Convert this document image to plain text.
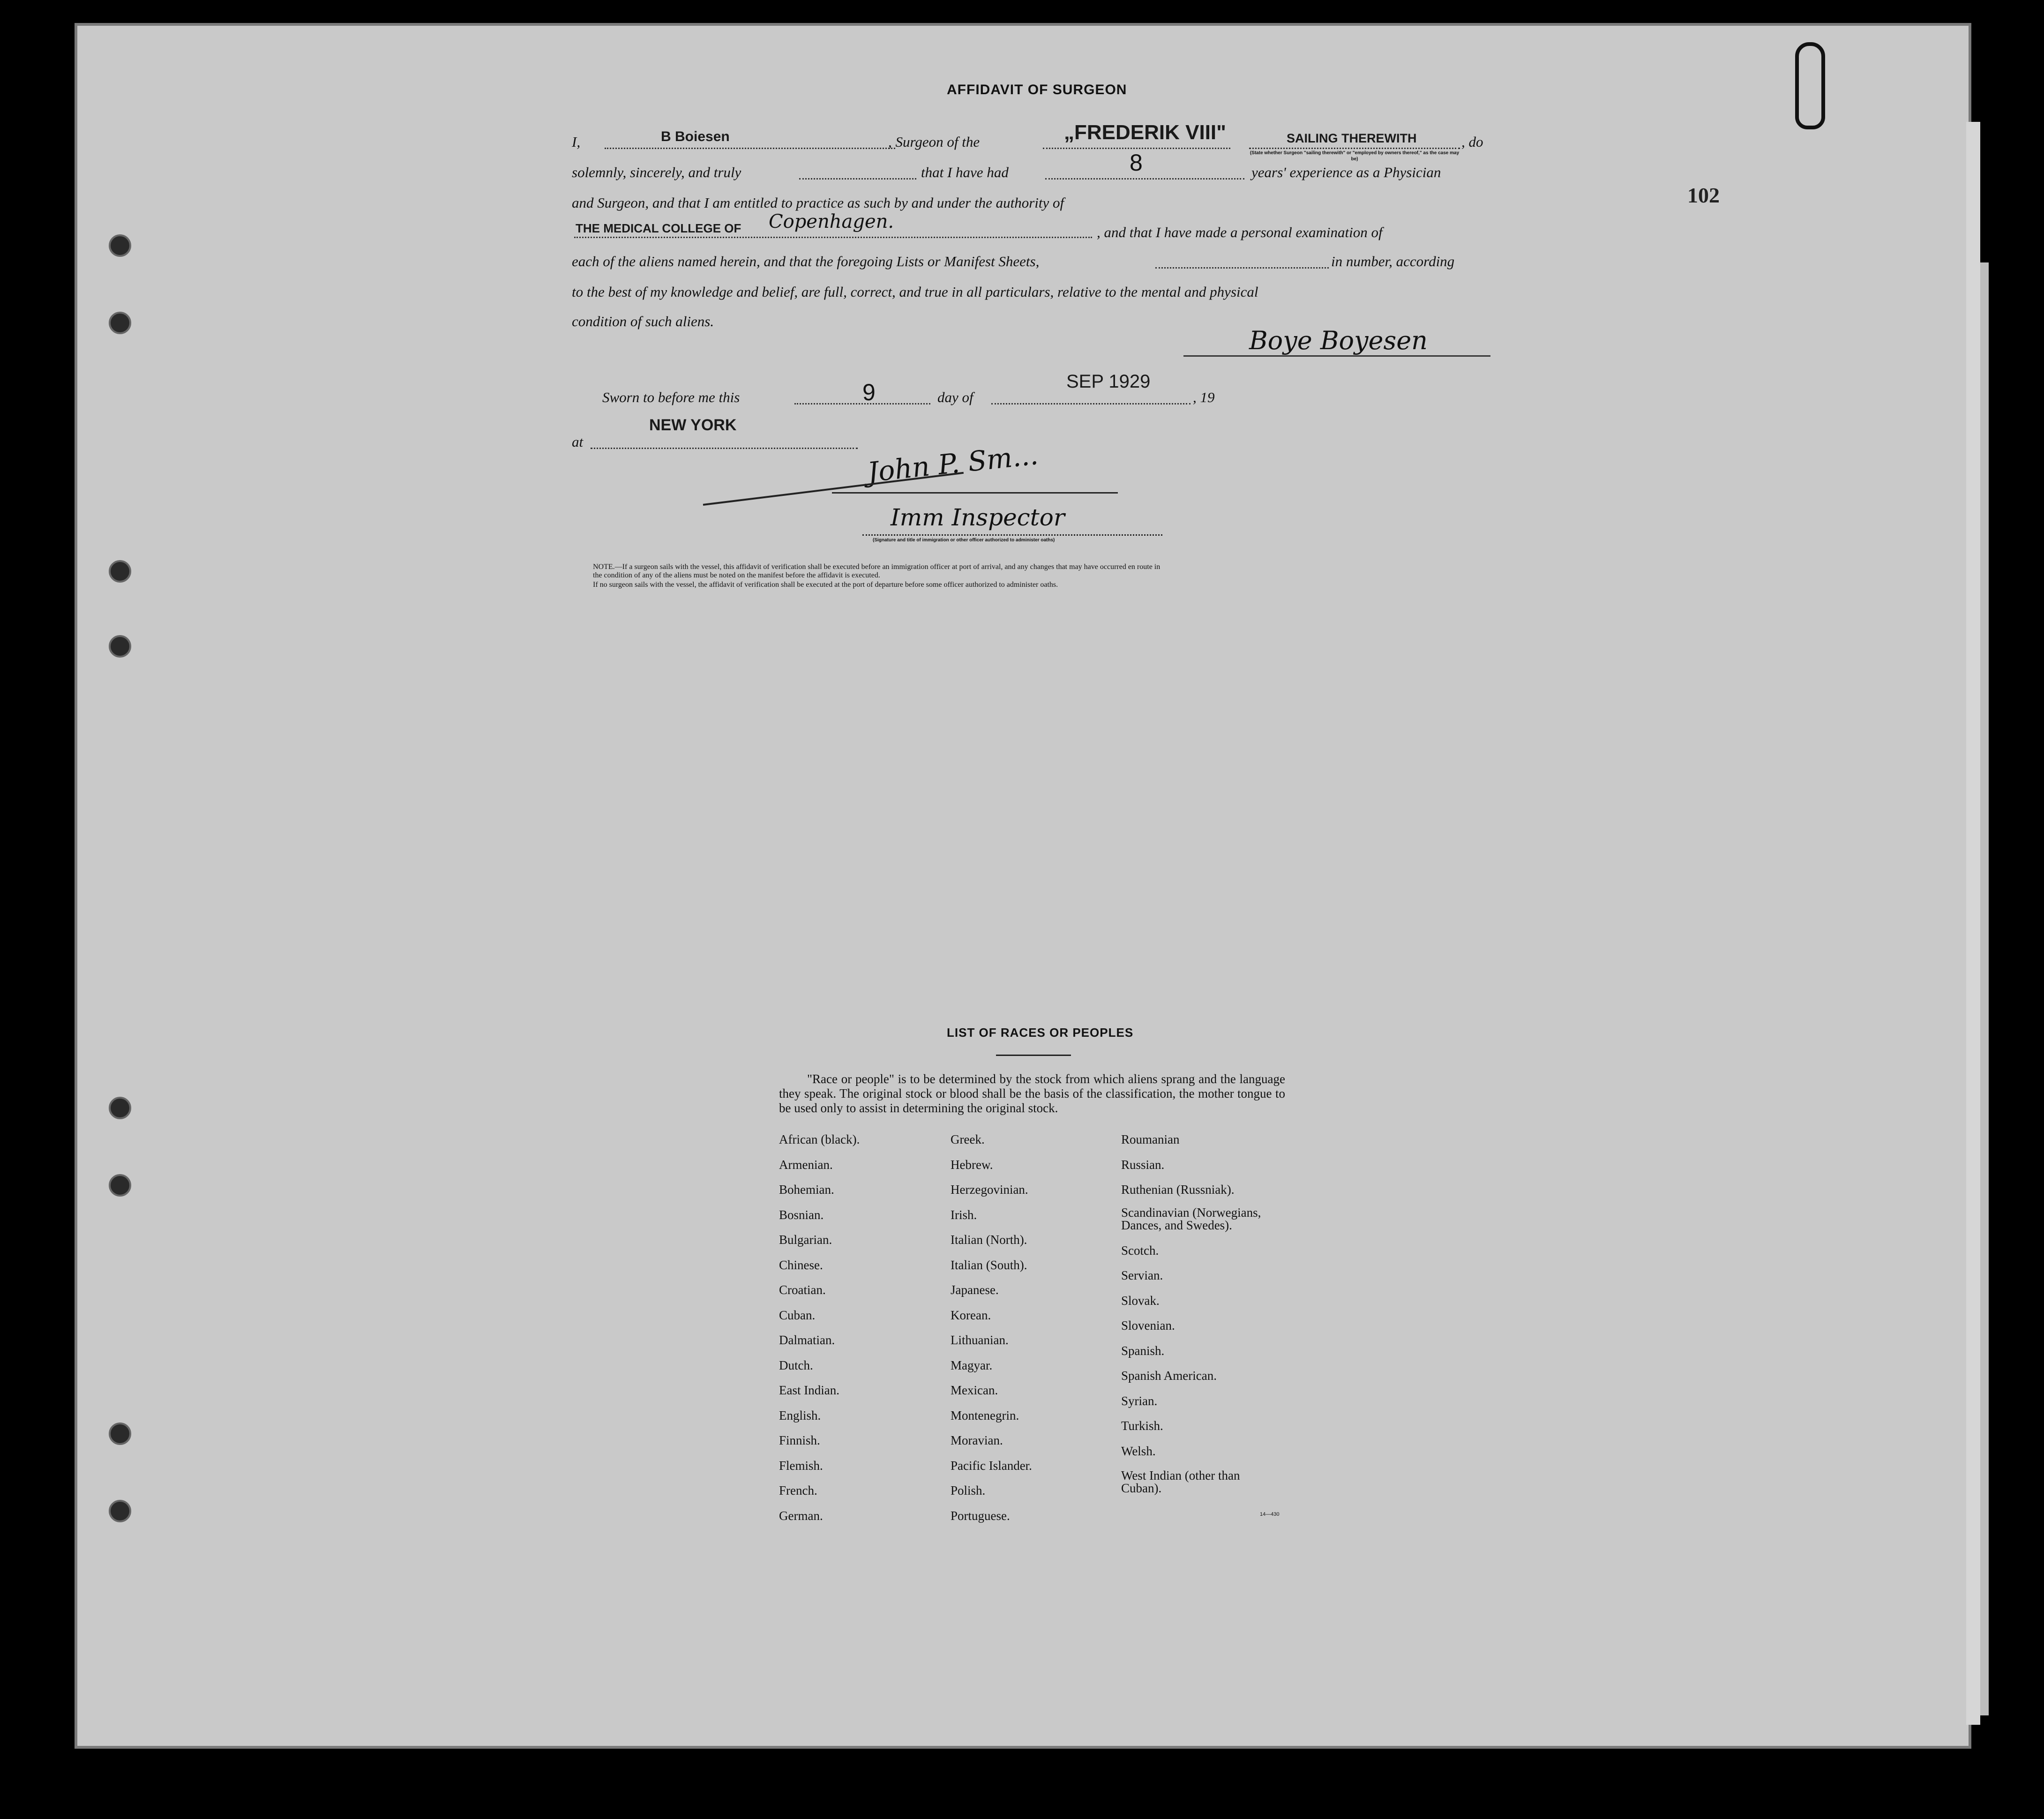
102
AFFIDAVIT OF SURGEON
I,	B Boiesen	, Surgeon of the	„FREDERIK VIII"	SAILING THEREWITH
(State whether Surgeon "sailing therewith" or "employed by owners thereof," as the case may be)
, do
solemnly, sincerely, and truly	that I have had	8	years' experience as a Physician
and Surgeon, and that I am entitled to practice as such by and under the authority of
THE MEDICAL COLLEGE OF Copenhagen.	, and that I have made a personal examination of
each of the aliens named herein, and that the foregoing Lists or Manifest Sheets,	in number, according
to the best of my knowledge and belief, are full, correct, and true in all particulars, relative to the mental and physical
condition of such aliens.
Boye Boyesen
Sworn to before me this	9	day of
SEP 1929
, 19
at
NEW YORK
John P. Sm...
Imm Inspector
(Signature and title of immigration or other officer authorized to administer oaths)
NOTE.—If a surgeon sails with the vessel, this affidavit of verification shall be executed before an immigration officer at port of arrival, and any changes that may have occurred en route in
the condition of any of the aliens must be noted on the manifest before the affidavit is executed.
If no surgeon sails with the vessel, the affidavit of verification shall be executed at the port of departure before some officer authorized to administer oaths.
LIST OF RACES OR PEOPLES
"Race or people" is to be determined by the stock from which aliens sprang and the language they speak. The original stock or blood shall be the basis of the classification, the mother tongue to be used only to assist in determining the original stock.
African (black).
Armenian.
Bohemian.
Bosnian.
Bulgarian.
Chinese.
Croatian.
Cuban.
Dalmatian.
Dutch.
East Indian.
English.
Finnish.
Flemish.
French.
German.
Greek.
Hebrew.
Herzegovinian.
Irish.
Italian (North).
Italian (South).
Japanese.
Korean.
Lithuanian.
Magyar.
Mexican.
Montenegrin.
Moravian.
Pacific Islander.
Polish.
Portuguese.
Roumanian
Russian.
Ruthenian (Russniak).
Scandinavian (Norwegians, Dances, and Swedes).
Scotch.
Servian.
Slovak.
Slovenian.
Spanish.
Spanish American.
Syrian.
Turkish.
Welsh.
West Indian (other than Cuban).
14—430
